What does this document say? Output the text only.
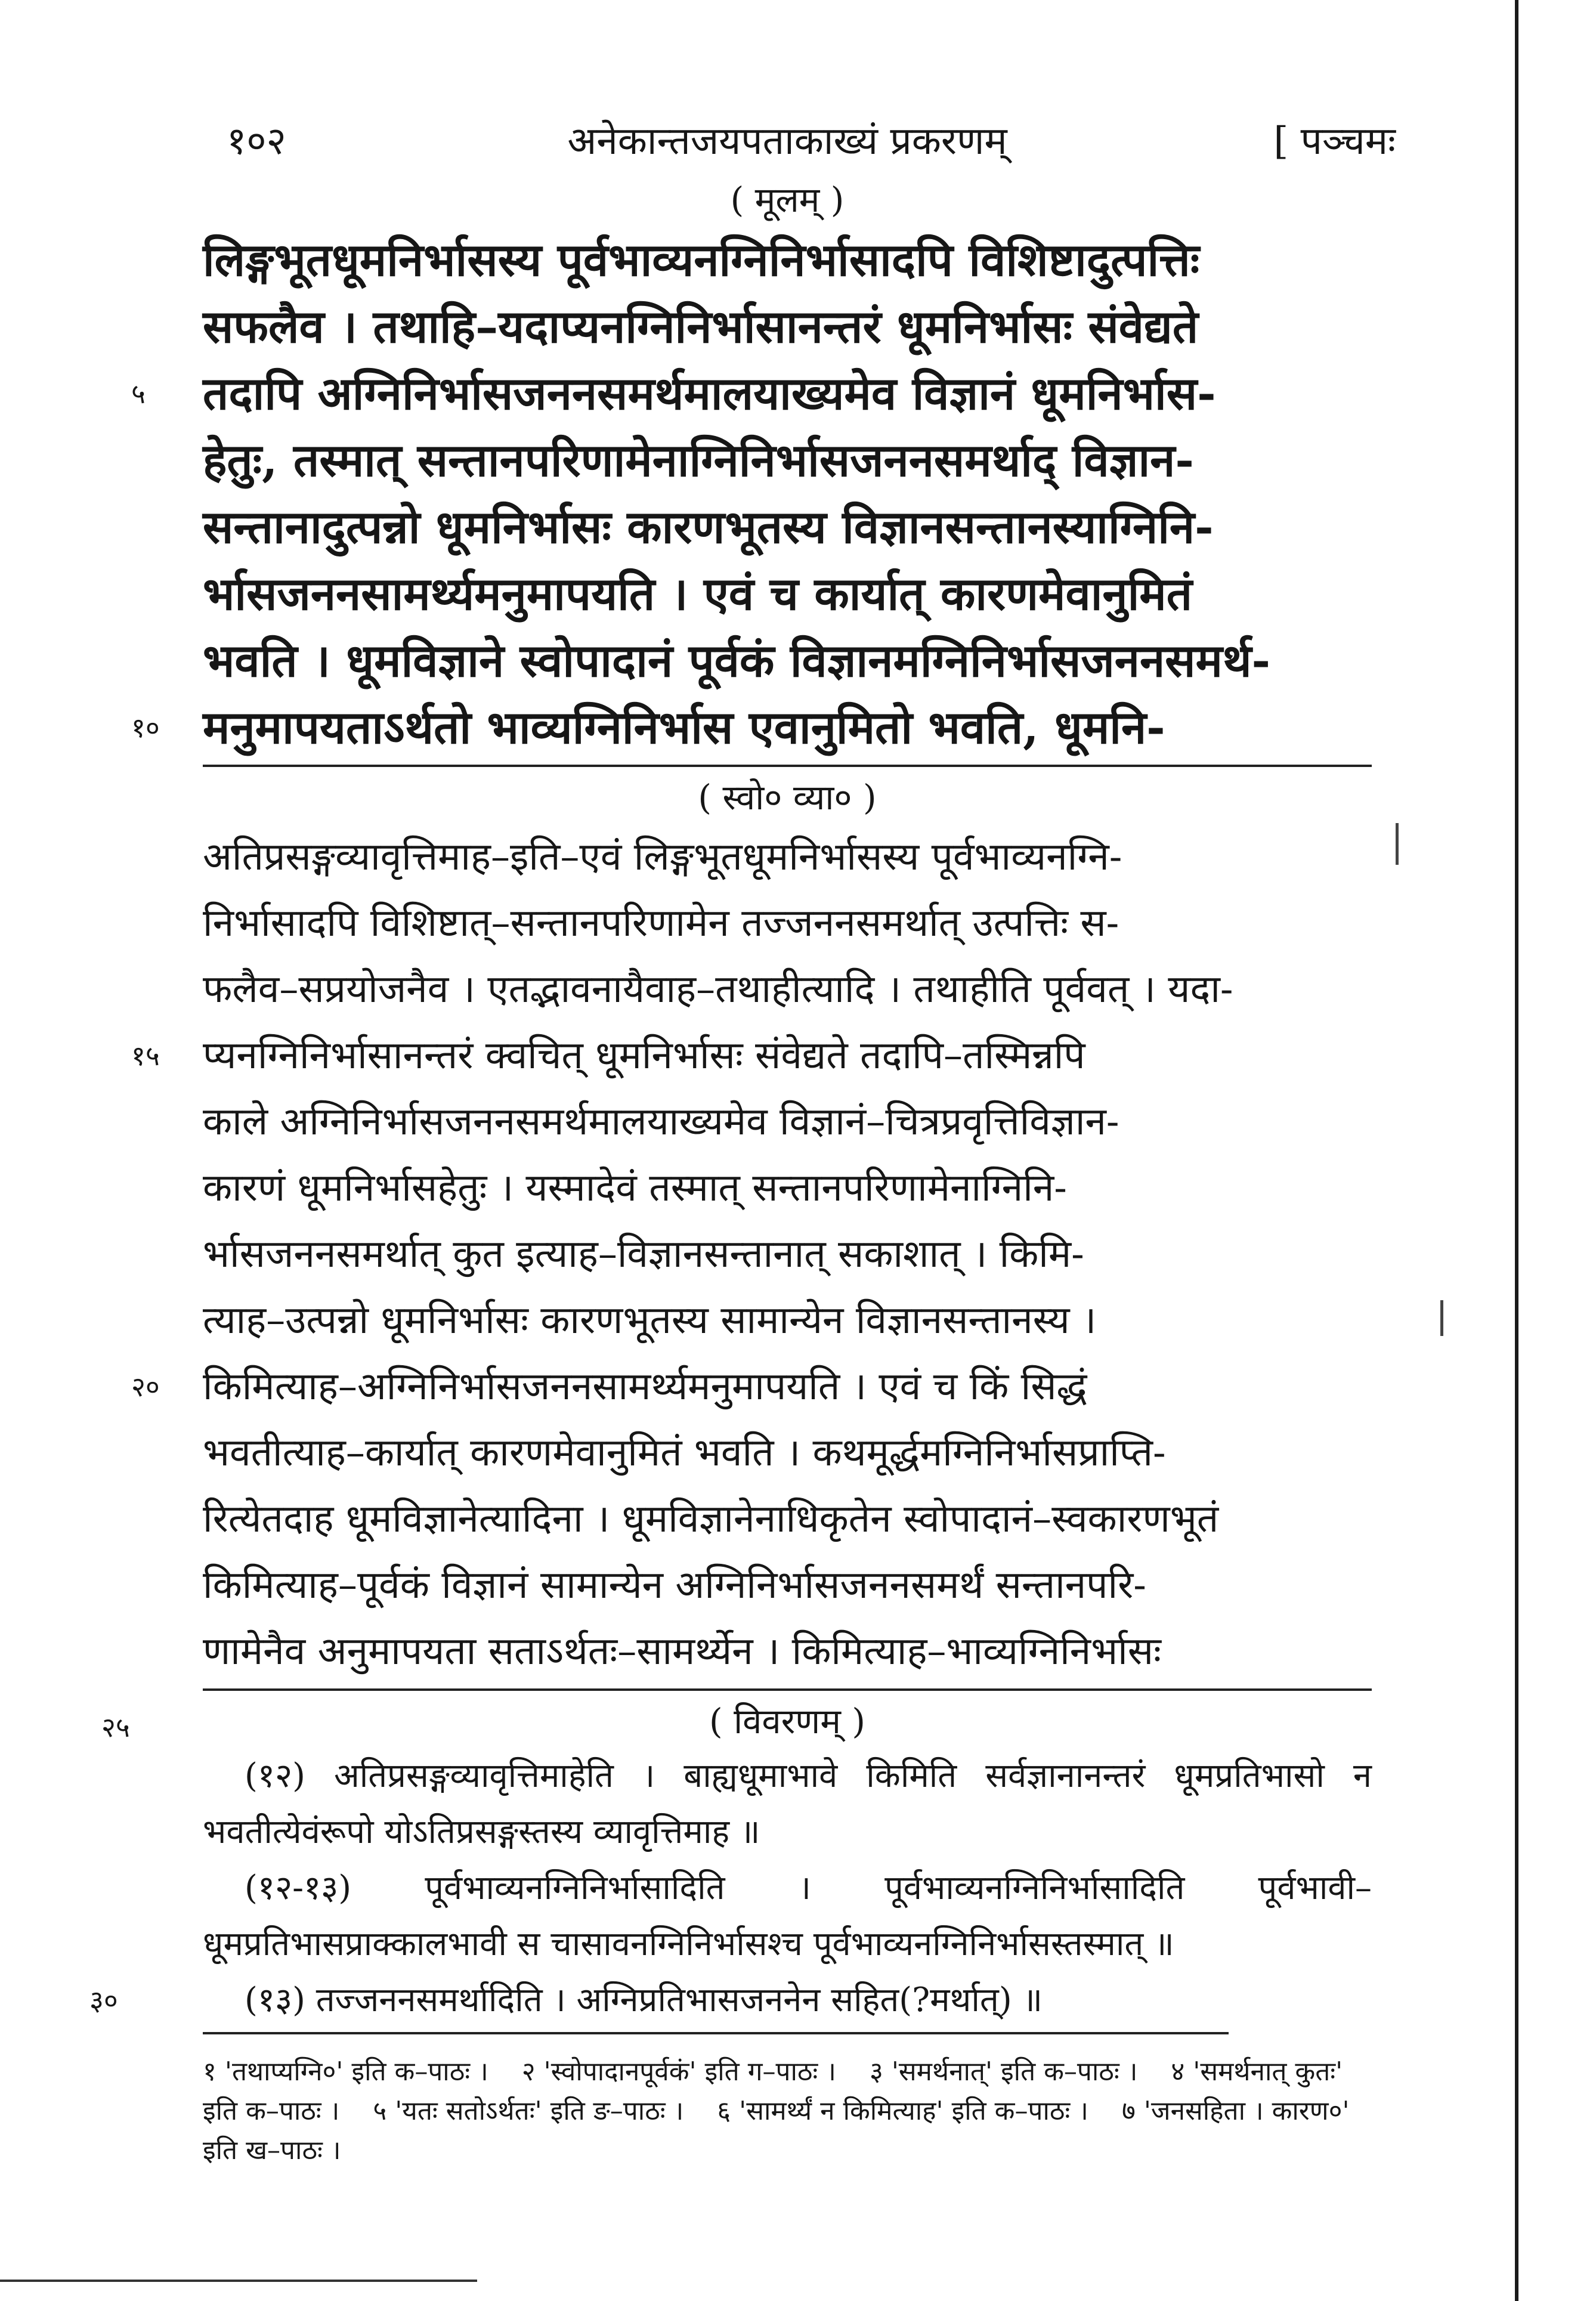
१०२	अनेकान्तजयपताकाख्यं प्रकरणम्	[ पञ्चमः
( मूलम् )

लिङ्गभूतधूमनिर्भासस्य पूर्वभाव्यनग्निनिर्भासादपि विशिष्टादुत्पत्तिः

सफलैव । तथाहि–यदाप्यनग्निनिर्भासानन्तरं धूमनिर्भासः संवेद्यते

५ तदापि अग्निनिर्भासजननसमर्थमालयाख्यमेव विज्ञानं धूमनिर्भास-

हेतुः, तस्मात् सन्तानपरिणामेनाग्निनिर्भासजननसमर्थाद् विज्ञान-

सन्तानादुत्पन्नो धूमनिर्भासः कारणभूतस्य विज्ञानसन्तानस्याग्निनि-

र्भासजननसामर्थ्यमनुमापयति । एवं च कार्यात् कारणमेवानुमितं

भवति । धूमविज्ञाने स्वोपादानं पूर्वकं विज्ञानमग्निनिर्भासजननसमर्थ-

१० मनुमापयताऽर्थतो भाव्यग्निनिर्भास एवानुमितो भवति, धूमनि-

( स्वो० व्या० )

अतिप्रसङ्गव्यावृत्तिमाह–इति–एवं लिङ्गभूतधूमनिर्भासस्य पूर्वभाव्यनग्नि-

निर्भासादपि विशिष्टात्–सन्तानपरिणामेन तज्जननसमर्थात् उत्पत्तिः स-

फलैव–सप्रयोजनैव । एतद्भावनायैवाह–तथाहीत्यादि । तथाहीति पूर्ववत् । यदा-

१५ प्यनग्निनिर्भासानन्तरं क्वचित् धूमनिर्भासः संवेद्यते तदापि–तस्मिन्नपि

काले अग्निनिर्भासजननसमर्थमालयाख्यमेव विज्ञानं–चित्रप्रवृत्तिविज्ञान-

कारणं धूमनिर्भासहेतुः । यस्मादेवं तस्मात् सन्तानपरिणामेनाग्निनि-

र्भासजननसमर्थात् कुत इत्याह–विज्ञानसन्तानात् सकाशात् । किमि-

त्याह–उत्पन्नो धूमनिर्भासः कारणभूतस्य सामान्येन विज्ञानसन्तानस्य ।

२० किमित्याह–अग्निनिर्भासजननसामर्थ्यमनुमापयति । एवं च किं सिद्धं

भवतीत्याह–कार्यात् कारणमेवानुमितं भवति । कथमूर्द्धमग्निनिर्भासप्राप्ति-

रित्येतदाह धूमविज्ञानेत्यादिना । धूमविज्ञानेनाधिकृतेन स्वोपादानं–स्वकारणभूतं

किमित्याह–पूर्वकं विज्ञानं सामान्येन अग्निनिर्भासजननसमर्थं सन्तानपरि-

णामेनैव अनुमापयता सताऽर्थतः–सामर्थ्येन । किमित्याह–भाव्यग्निनिर्भासः

२५	( विवरणम् )

(१२) अतिप्रसङ्गव्यावृत्तिमाहेति । बाह्यधूमाभावे किमिति सर्वज्ञानानन्तरं धूमप्रतिभासो न भवतीत्येवंरूपो योऽतिप्रसङ्गस्तस्य व्यावृत्तिमाह ॥

(१२-१३) पूर्वभाव्यनग्निनिर्भासादिति । पूर्वभाव्यनग्निनिर्भासादिति पूर्वभावी– धूमप्रतिभासप्राक्कालभावी स चासावनग्निनिर्भासश्च पूर्वभाव्यनग्निनिर्भासस्तस्मात् ॥

३०	(१३) तज्जननसमर्थादिति । अग्निप्रतिभासजननेन सहित(?मर्थात्) ॥

१ 'तथाप्यग्नि०' इति क–पाठः । २ 'स्वोपादानपूर्वकं' इति ग–पाठः । ३ 'समर्थनात्' इति क–पाठः । ४ 'समर्थनात् कुतः' इति क–पाठः । ५ 'यतः सतोऽर्थतः' इति ङ–पाठः । ६ 'सामर्थ्यं न किमित्याह' इति क–पाठः । ७ 'जनसहिता । कारण०' इति ख–पाठः ।
